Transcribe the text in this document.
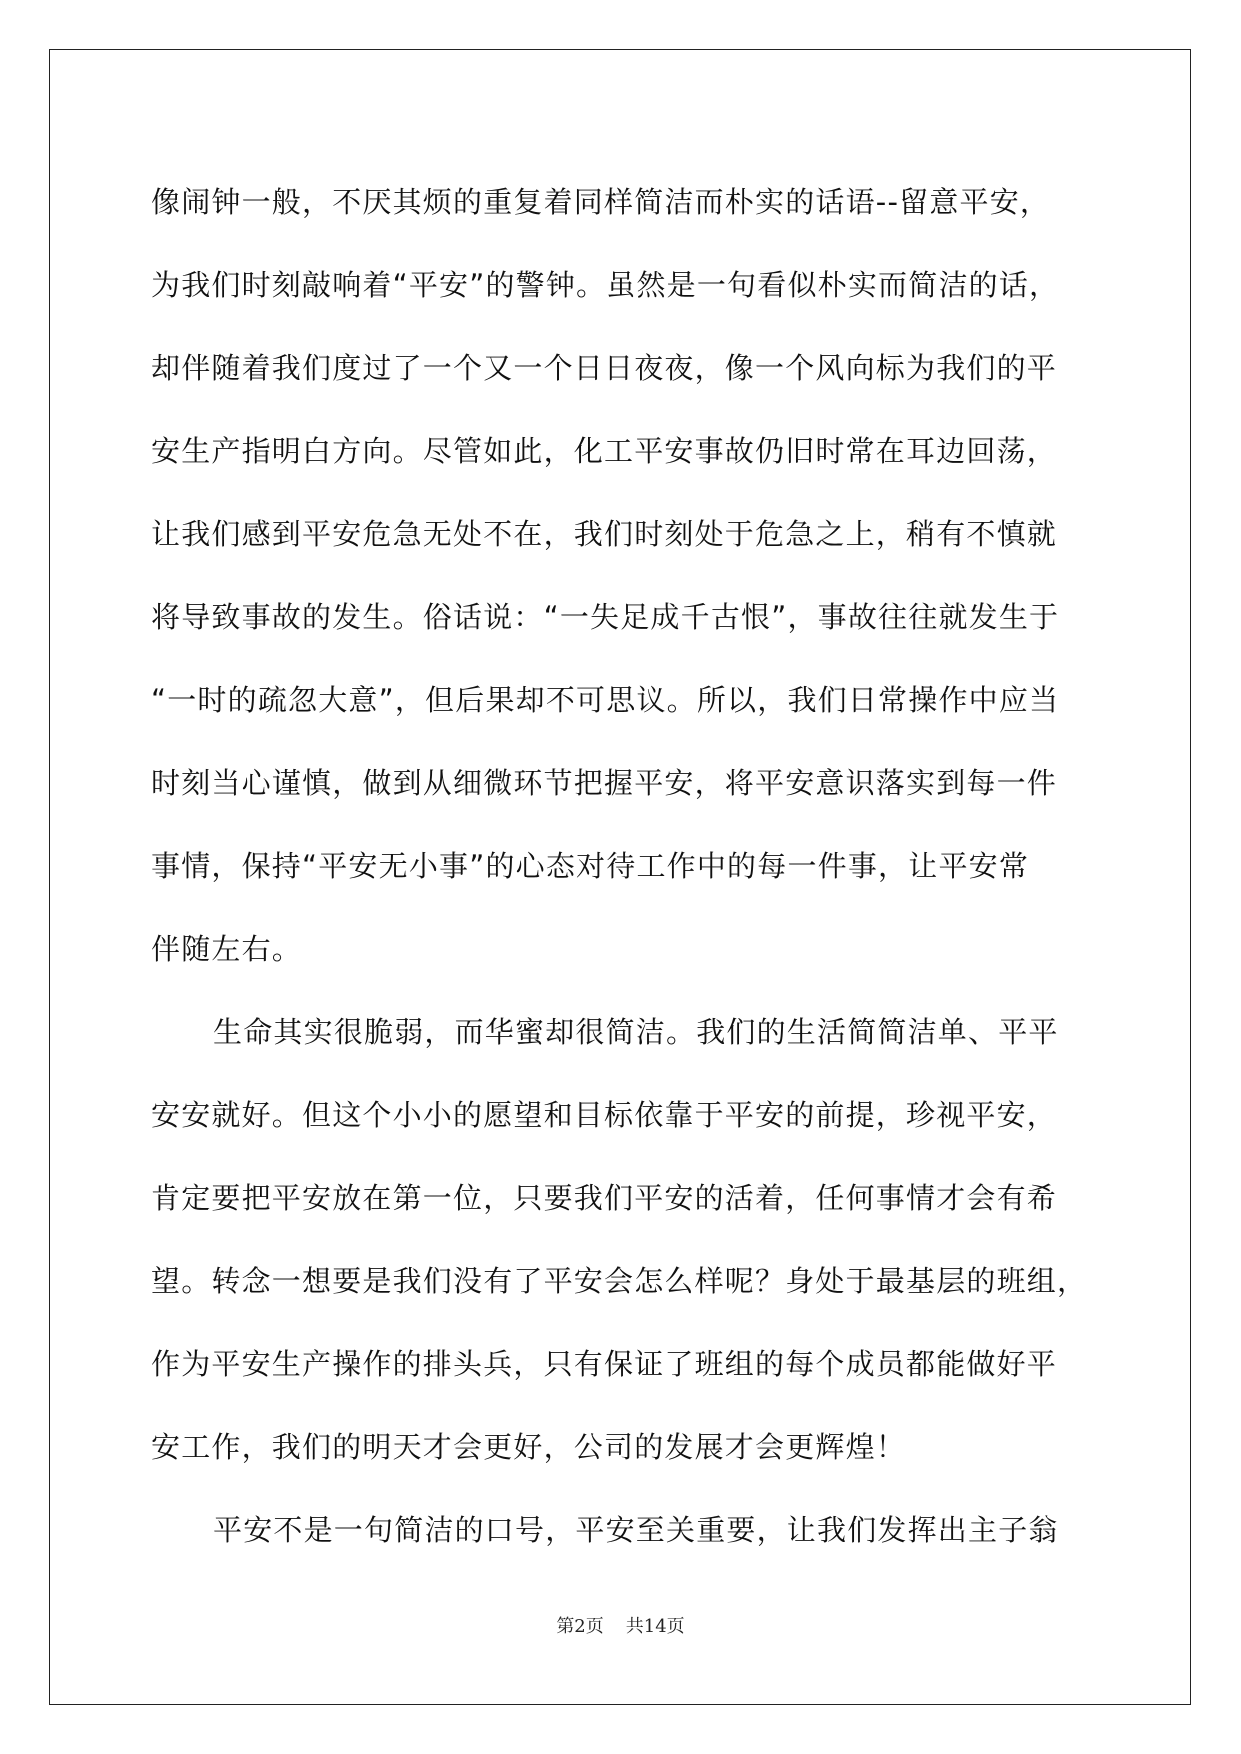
像闹钟一般，不厌其烦的重复着同样简洁而朴实的话语--留意平安，
为我们时刻敲响着“平安”的警钟。虽然是一句看似朴实而简洁的话，
却伴随着我们度过了一个又一个日日夜夜，像一个风向标为我们的平
安生产指明白方向。尽管如此，化工平安事故仍旧时常在耳边回荡，
让我们感到平安危急无处不在，我们时刻处于危急之上，稍有不慎就
将导致事故的发生。俗话说：“一失足成千古恨”，事故往往就发生于
“一时的疏忽大意”，但后果却不可思议。所以，我们日常操作中应当
时刻当心谨慎，做到从细微环节把握平安，将平安意识落实到每一件
事情，保持“平安无小事”的心态对待工作中的每一件事，让平安常
伴随左右。
生命其实很脆弱，而华蜜却很简洁。我们的生活简简洁单、平平
安安就好。但这个小小的愿望和目标依靠于平安的前提，珍视平安，
肯定要把平安放在第一位，只要我们平安的活着，任何事情才会有希
望。转念一想要是我们没有了平安会怎么样呢？身处于最基层的班组，
作为平安生产操作的排头兵，只有保证了班组的每个成员都能做好平
安工作，我们的明天才会更好，公司的发展才会更辉煌！
平安不是一句简洁的口号，平安至关重要，让我们发挥出主子翁
第2页 共14页
